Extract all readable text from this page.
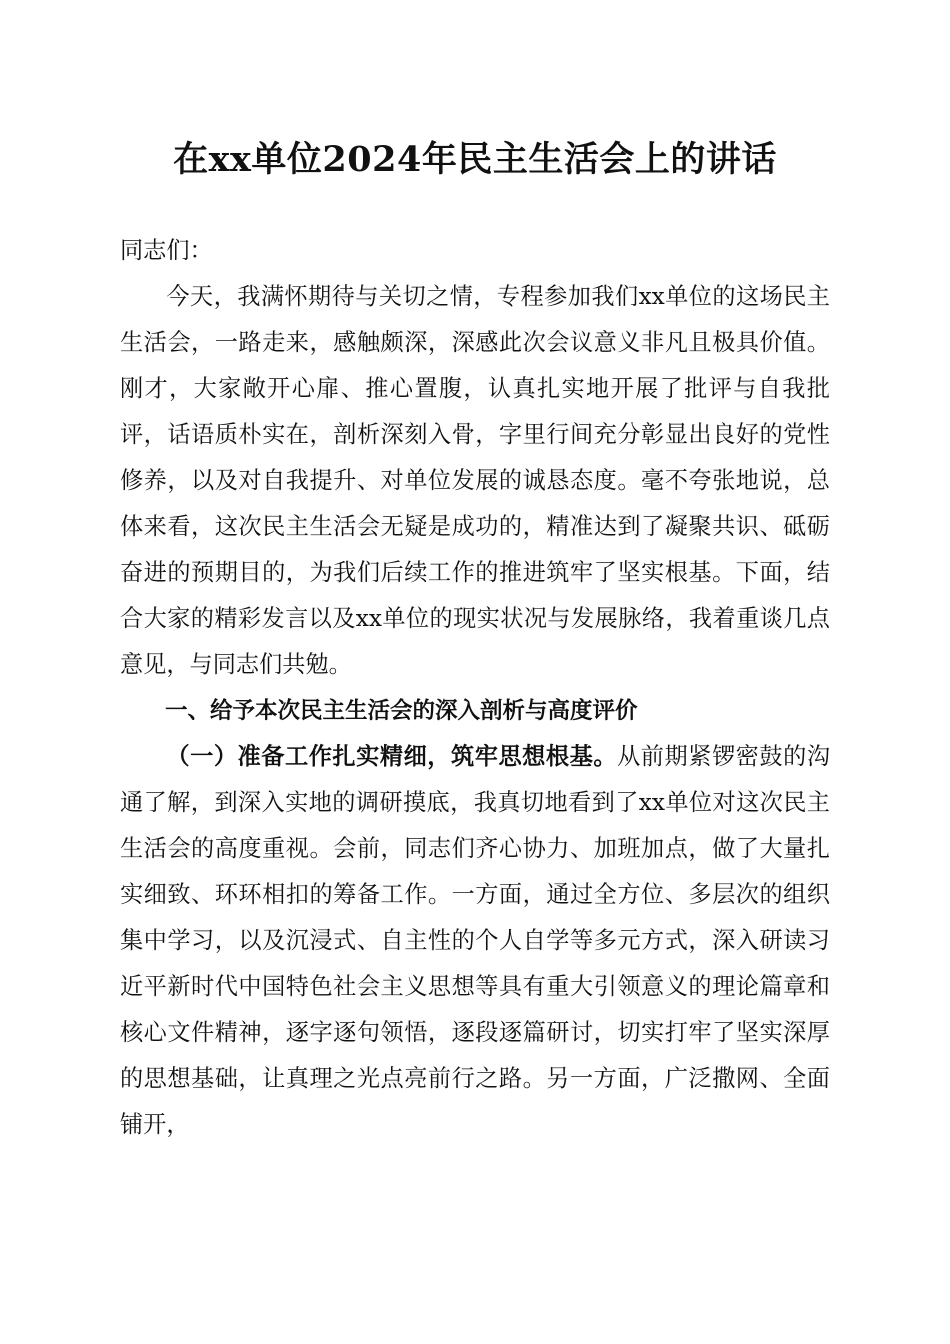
在xx单位2024年民主生活会上的讲话

同志们：

今天，我满怀期待与关切之情，专程参加我们xx单位的这场民主生活会，一路走来，感触颇深，深感此次会议意义非凡且极具价值。刚才，大家敞开心扉、推心置腹，认真扎实地开展了批评与自我批评，话语质朴实在，剖析深刻入骨，字里行间充分彰显出良好的党性修养，以及对自我提升、对单位发展的诚恳态度。毫不夸张地说，总体来看，这次民主生活会无疑是成功的，精准达到了凝聚共识、砥砺奋进的预期目的，为我们后续工作的推进筑牢了坚实根基。下面，结合大家的精彩发言以及xx单位的现实状况与发展脉络，我着重谈几点意见，与同志们共勉。

一、给予本次民主生活会的深入剖析与高度评价

（一）准备工作扎实精细，筑牢思想根基。从前期紧锣密鼓的沟通了解，到深入实地的调研摸底，我真切地看到了xx单位对这次民主生活会的高度重视。会前，同志们齐心协力、加班加点，做了大量扎实细致、环环相扣的筹备工作。一方面，通过全方位、多层次的组织集中学习，以及沉浸式、自主性的个人自学等多元方式，深入研读习近平新时代中国特色社会主义思想等具有重大引领意义的理论篇章和核心文件精神，逐字逐句领悟，逐段逐篇研讨，切实打牢了坚实深厚的思想基础，让真理之光点亮前行之路。另一方面，广泛撒网、全面铺开，
